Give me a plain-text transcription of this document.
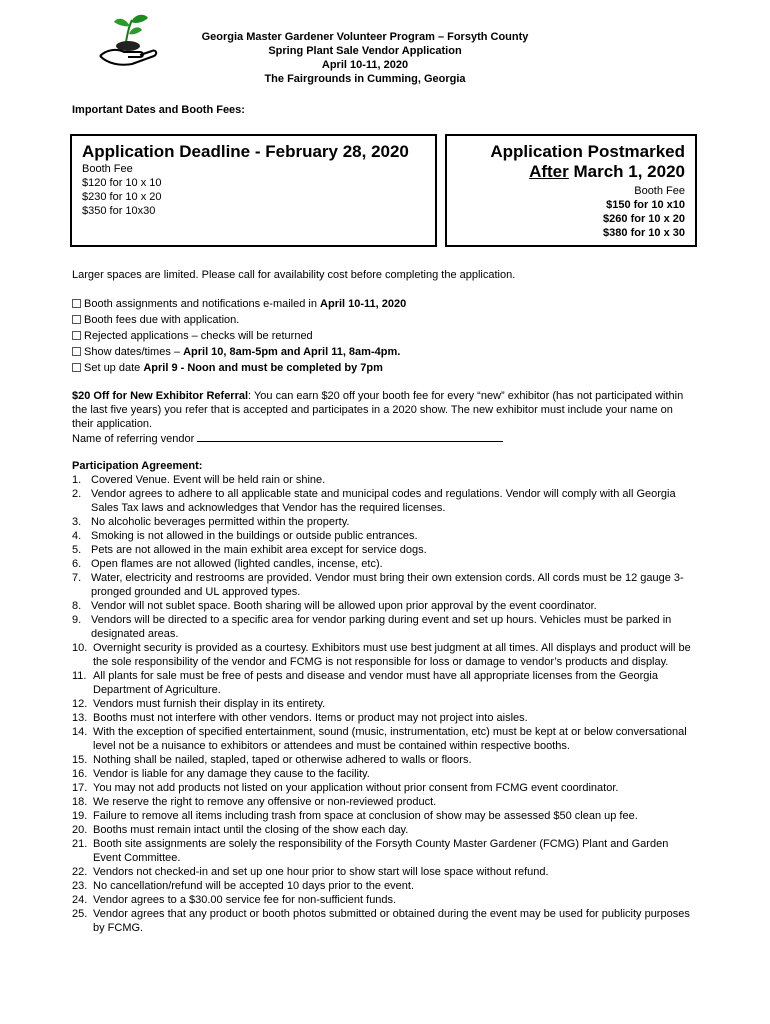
Georgia Master Gardener Volunteer Program – Forsyth County
Spring Plant Sale Vendor Application
April 10-11, 2020
The Fairgrounds in Cumming, Georgia
Important Dates and Booth Fees:
Application Deadline - February 28, 2020
Booth Fee
$120 for 10 x 10
$230 for 10 x 20
$350 for 10x30
Application Postmarked
After March 1, 2020
Booth Fee
$150 for 10 x10
$260 for 10 x 20
$380 for 10 x 30
Larger spaces are limited. Please call for availability cost before completing the application.
Booth assignments and notifications e-mailed in April 10-11, 2020
Booth fees due with application.
Rejected applications – checks will be returned
Show dates/times – April 10, 8am-5pm and April 11, 8am-4pm.
Set up date April 9 - Noon and must be completed by 7pm
$20 Off for New Exhibitor Referral: You can earn $20 off your booth fee for every “new” exhibitor (has not participated within the last five years) you refer that is accepted and participates in a 2020 show. The new exhibitor must include your name on their application.
Name of referring vendor
Participation Agreement:
1. Covered Venue. Event will be held rain or shine.
2. Vendor agrees to adhere to all applicable state and municipal codes and regulations. Vendor will comply with all Georgia Sales Tax laws and acknowledges that Vendor has the required licenses.
3. No alcoholic beverages permitted within the property.
4. Smoking is not allowed in the buildings or outside public entrances.
5. Pets are not allowed in the main exhibit area except for service dogs.
6. Open flames are not allowed (lighted candles, incense, etc).
7. Water, electricity and restrooms are provided. Vendor must bring their own extension cords. All cords must be 12 gauge 3-pronged grounded and UL approved types.
8. Vendor will not sublet space. Booth sharing will be allowed upon prior approval by the event coordinator.
9. Vendors will be directed to a specific area for vendor parking during event and set up hours. Vehicles must be parked in designated areas.
10. Overnight security is provided as a courtesy. Exhibitors must use best judgment at all times. All displays and product will be the sole responsibility of the vendor and FCMG is not responsible for loss or damage to vendor’s products and display.
11. All plants for sale must be free of pests and disease and vendor must have all appropriate licenses from the Georgia Department of Agriculture.
12. Vendors must furnish their display in its entirety.
13. Booths must not interfere with other vendors. Items or product may not project into aisles.
14. With the exception of specified entertainment, sound (music, instrumentation, etc) must be kept at or below conversational level not be a nuisance to exhibitors or attendees and must be contained within respective booths.
15. Nothing shall be nailed, stapled, taped or otherwise adhered to walls or floors.
16. Vendor is liable for any damage they cause to the facility.
17. You may not add products not listed on your application without prior consent from FCMG event coordinator.
18. We reserve the right to remove any offensive or non-reviewed product.
19. Failure to remove all items including trash from space at conclusion of show may be assessed $50 clean up fee.
20. Booths must remain intact until the closing of the show each day.
21. Booth site assignments are solely the responsibility of the Forsyth County Master Gardener (FCMG) Plant and Garden Event Committee.
22. Vendors not checked-in and set up one hour prior to show start will lose space without refund.
23. No cancellation/refund will be accepted 10 days prior to the event.
24. Vendor agrees to a $30.00 service fee for non-sufficient funds.
25. Vendor agrees that any product or booth photos submitted or obtained during the event may be used for publicity purposes by FCMG.
